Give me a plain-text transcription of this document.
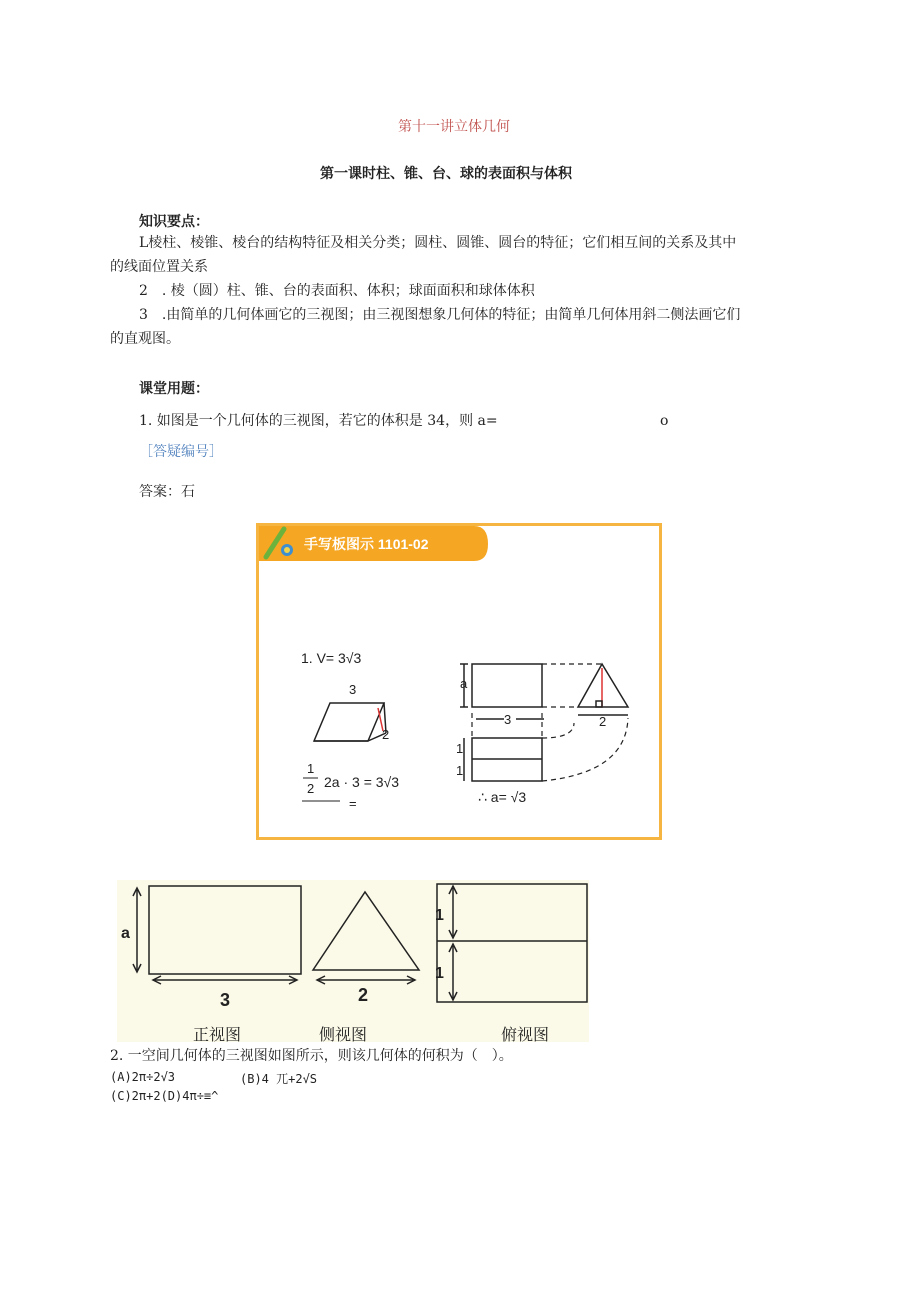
第十一讲立体几何
第一课时柱、锥、台、球的表面积与体积
知识要点：
L棱柱、棱锥、棱台的结构特征及相关分类；圆柱、圆锥、圆台的特征；它们相互间的关系及其中
的线面位置关系
2　. 棱（圆）柱、锥、台的表面积、体积；球面面积和球体体积
3　.由简单的几何体画它的三视图；由三视图想象几何体的特征；由简单几何体用斜二侧法画它们
的直观图。
课堂用题：
1. 如图是一个几何体的三视图，若它的体积是 34，则 a=	o
［答疑编号］
答案：石
手写板图示 1101-02
1. V= 3√3
3
2
1
2 2a · 3 = 3√3
=
a
3	2
1
1
∴ a= √3
a
3	2
1
1
正视图	侧视图	俯视图
2. 一空间几何体的三视图如图所示，则该几何体的何积为（　）。
(A)2π÷2√3	(B)4 兀+2√S
(C)2π+2(D)4π÷≡^
